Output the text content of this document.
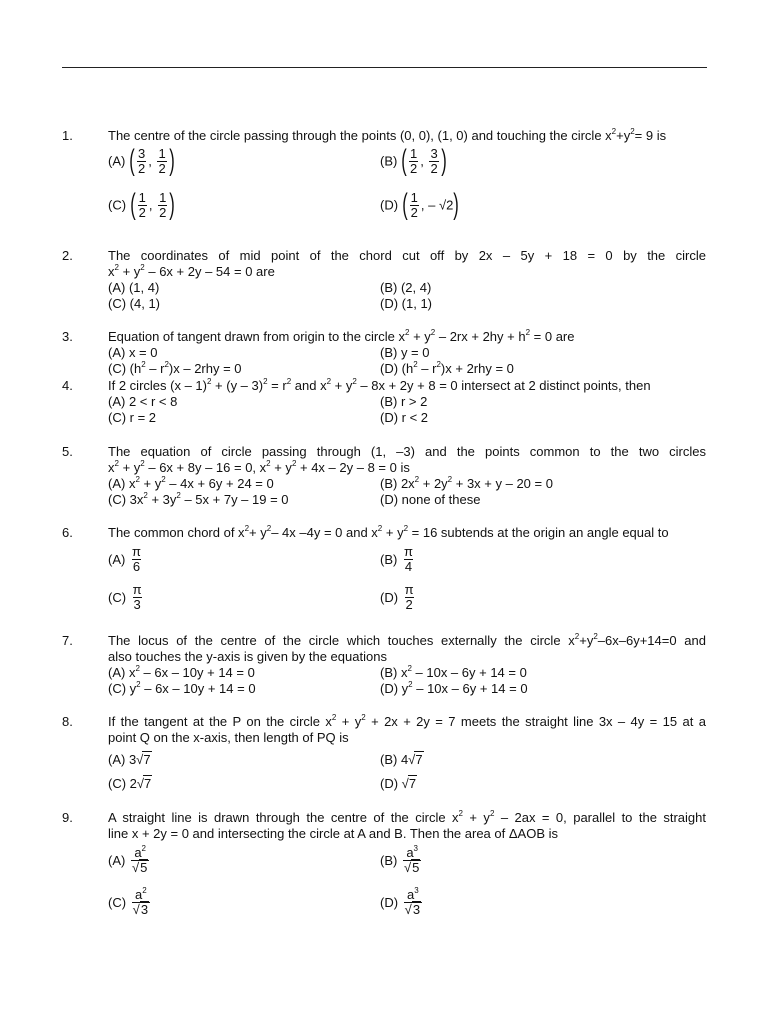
1.	The centre of the circle passing through the points (0, 0), (1, 0) and touching the circle $x^2+y^2= 9$ is

(A) ( $\frac{3}{2}$ , $\frac{1}{2}$ )	(B) ( $\frac{1}{2}$ , $\frac{3}{2}$ )
(C) ( $\frac{1}{2}$ , $\frac{1}{2}$ )	(D) ( $\frac{1}{2}$ , – √2)
2.	The coordinates of mid point of the chord cut off by 2x – 5y + 18 = 0 by the circle

$x^2 + y^2 - 6x + 2y - 54 = 0$ are

(A) (1, 4)	(B) (2, 4)
(C) (4, 1)	(D) (1, 1)
3.	Equation of tangent drawn from origin to the circle $x^2 + y^2 - 2rx + 2hy + h^2 = 0$ are

(A) x = 0	(B) y = 0
(C) $(h^2 - r^2)x - 2rhy = 0$	(D) $(h^2 - r^2)x + 2rhy = 0$
4.	If 2 circles $(x - 1)^2 + (y - 3)^2 = r^2$ and $x^2 + y^2 - 8x + 2y + 8 = 0$ intersect at 2 distinct points, then

(A) 2 < r < 8	(B) r > 2
(C) r = 2	(D) r < 2
5.	The equation of circle passing through (1, –3) and the points common to the two circles

$x^2 + y^2 - 6x + 8y - 16 = 0$, $x^2 + y^2 + 4x - 2y - 8 = 0$ is

(A) $x^2 + y^2 - 4x + 6y + 24 = 0$	(B) $2x^2 + 2y^2 + 3x + y - 20 = 0$
(C) $3x^2 + 3y^2 - 5x + 7y - 19 = 0$	(D) none of these
6.	The common chord of $x^2+ y^2-$ 4x –4y = 0 and $x^2 + y^2 = 16$ subtends at the origin an angle equal to

$(A) \frac{\pi}{6}$	$(B) \frac{\pi}{4}$
$(C) \frac{\pi}{3}$	$(D) \frac{\pi}{2}$
7.	The locus of the centre of the circle which touches externally the circle $x^2+y^2-6x-6y+14=0$ and

also touches the y-axis is given by the equations

(A) $x^2 - 6x - 10y + 14 = 0$	(B) $x^2 - 10x - 6y + 14 = 0$
(C) $y^2 - 6x - 10y + 14 = 0$	(D) $y^2 - 10x - 6y + 14 = 0$
8.	If the tangent at the P on the circle $x^2 + y^2 + 2x + 2y = 7$ meets the straight line 3x – 4y = 15 at a

point Q on the x-axis, then length of PQ is

(A) 3√7	(B) 4√7
(C) 2√7	(D) √7
9.	A straight line is drawn through the centre of the circle $x^2 + y^2 - 2ax = 0$, parallel to the straight

line x + 2y = 0 and intersecting the circle at A and B. Then the area of ΔAOB is

$(A) \frac{a^2}{√5}$	$(B) \frac{a^3}{√5}$
$(C) \frac{a^2}{√3}$	$(D) \frac{a^3}{√3}$
